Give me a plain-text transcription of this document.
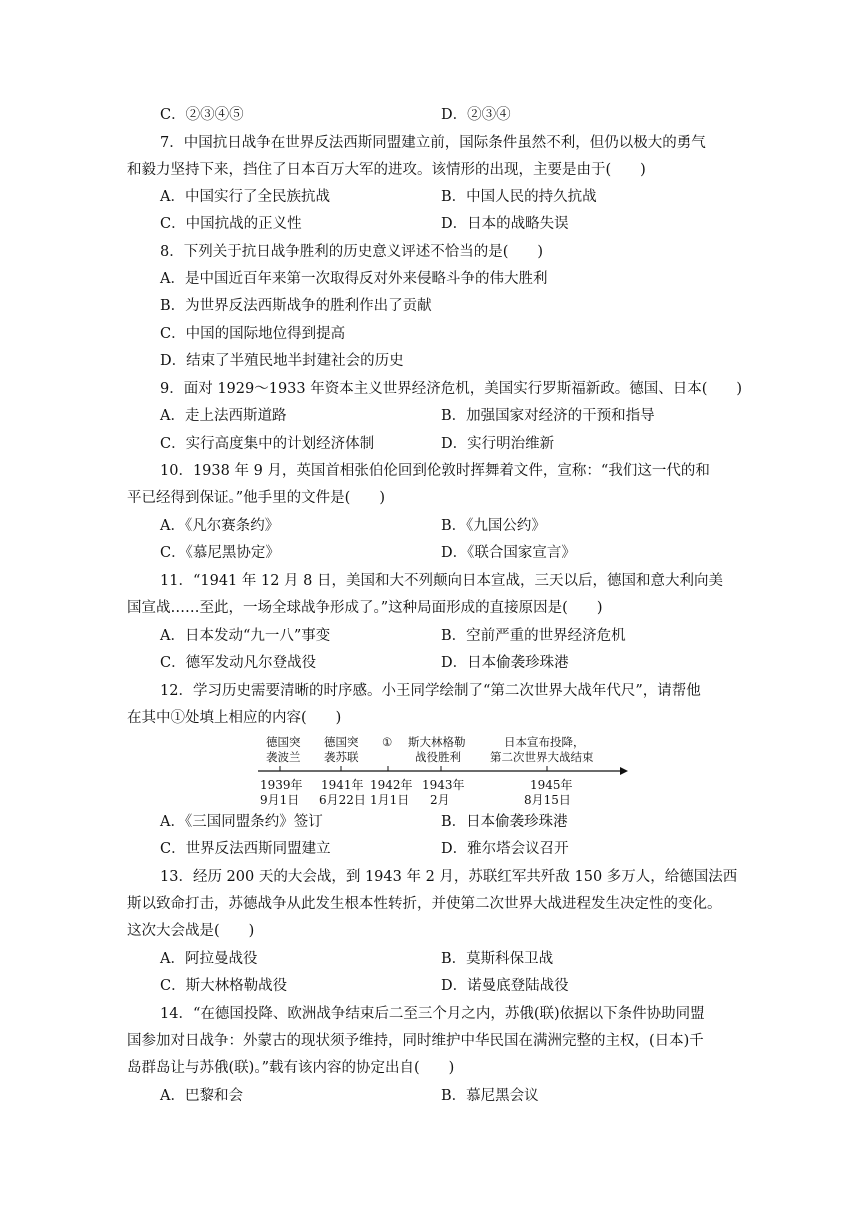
C．②③④⑤	D．②③④
7．中国抗日战争在世界反法西斯同盟建立前，国际条件虽然不利，但仍以极大的勇气
和毅力坚持下来，挡住了日本百万大军的进攻。该情形的出现，主要是由于(　　)
A．中国实行了全民族抗战	B．中国人民的持久抗战
C．中国抗战的正义性	D．日本的战略失误
8．下列关于抗日战争胜利的历史意义评述不恰当的是(　　)
A．是中国近百年来第一次取得反对外来侵略斗争的伟大胜利
B．为世界反法西斯战争的胜利作出了贡献
C．中国的国际地位得到提高
D．结束了半殖民地半封建社会的历史
9．面对 1929～1933 年资本主义世界经济危机，美国实行罗斯福新政。德国、日本(　　)
A．走上法西斯道路	B．加强国家对经济的干预和指导
C．实行高度集中的计划经济体制	D．实行明治维新
10．1938 年 9 月，英国首相张伯伦回到伦敦时挥舞着文件，宣称：“我们这一代的和
平已经得到保证。”他手里的文件是(　　)
A．《凡尔赛条约》	B．《九国公约》
C．《慕尼黑协定》	D．《联合国家宣言》
11．“1941 年 12 月 8 日，美国和大不列颠向日本宣战，三天以后，德国和意大利向美
国宣战……至此，一场全球战争形成了。”这种局面形成的直接原因是(　　)
A．日本发动“九一八”事变	B．空前严重的世界经济危机
C．德军发动凡尔登战役	D．日本偷袭珍珠港
12．学习历史需要清晰的时序感。小王同学绘制了“第二次世界大战年代尺”，请帮他
在其中①处填上相应的内容(　　)
德国突
袭波兰
1939年
9月1日
德国突
袭苏联
1941年
6月22日
①
1942年
1月1日
斯大林格勒
战役胜利
1943年
2月
日本宣布投降，
第二次世界大战结束
1945年
8月15日
A．《三国同盟条约》签订	B．日本偷袭珍珠港
C．世界反法西斯同盟建立	D．雅尔塔会议召开
13．经历 200 天的大会战，到 1943 年 2 月，苏联红军共歼敌 150 多万人，给德国法西
斯以致命打击，苏德战争从此发生根本性转折，并使第二次世界大战进程发生决定性的变化。
这次大会战是(　　)
A．阿拉曼战役	B．莫斯科保卫战
C．斯大林格勒战役	D．诺曼底登陆战役
14．“在德国投降、欧洲战争结束后二至三个月之内，苏俄(联)依据以下条件协助同盟
国参加对日战争：外蒙古的现状须予维持，同时维护中华民国在满洲完整的主权，(日本)千
岛群岛让与苏俄(联)。”载有该内容的协定出自(　　)
A．巴黎和会	B．慕尼黑会议
